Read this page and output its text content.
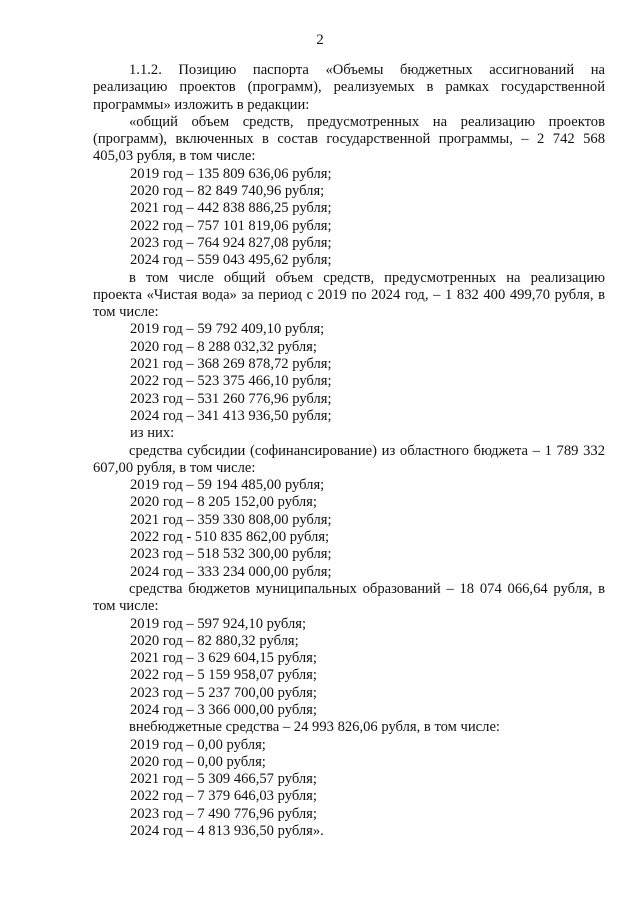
2

1.1.2. Позицию паспорта «Объемы бюджетных ассигнований на реализацию проектов (программ), реализуемых в рамках государственной программы» изложить в редакции:

«общий объем средств, предусмотренных на реализацию проектов (программ), включенных в состав государственной программы, – 2 742 568 405,03 рубля, в том числе:

2019 год – 135 809 636,06 рубля;
2020 год – 82 849 740,96 рубля;
2021 год – 442 838 886,25 рубля;
2022 год – 757 101 819,06 рубля;
2023 год – 764 924 827,08 рубля;
2024 год – 559 043 495,62 рубля;

в том числе общий объем средств, предусмотренных на реализацию проекта «Чистая вода» за период с 2019 по 2024 год, – 1 832 400 499,70 рубля, в том числе:

2019 год – 59 792 409,10 рубля;
2020 год – 8 288 032,32 рубля;
2021 год – 368 269 878,72 рубля;
2022 год – 523 375 466,10 рубля;
2023 год – 531 260 776,96 рубля;
2024 год – 341 413 936,50 рубля;
из них:

средства субсидии (софинансирование) из областного бюджета – 1 789 332 607,00 рубля, в том числе:

2019 год – 59 194 485,00 рубля;
2020 год – 8 205 152,00 рубля;
2021 год – 359 330 808,00 рубля;
2022 год - 510 835 862,00 рубля;
2023 год – 518 532 300,00 рубля;
2024 год – 333 234 000,00 рубля;

средства бюджетов муниципальных образований – 18 074 066,64 рубля, в том числе:

2019 год – 597 924,10 рубля;
2020 год – 82 880,32 рубля;
2021 год – 3 629 604,15 рубля;
2022 год – 5 159 958,07 рубля;
2023 год – 5 237 700,00 рубля;
2024 год – 3 366 000,00 рубля;

внебюджетные средства – 24 993 826,06 рубля, в том числе:

2019 год – 0,00 рубля;
2020 год – 0,00 рубля;
2021 год – 5 309 466,57 рубля;
2022 год – 7 379 646,03 рубля;
2023 год – 7 490 776,96 рубля;
2024 год – 4 813 936,50 рубля».
